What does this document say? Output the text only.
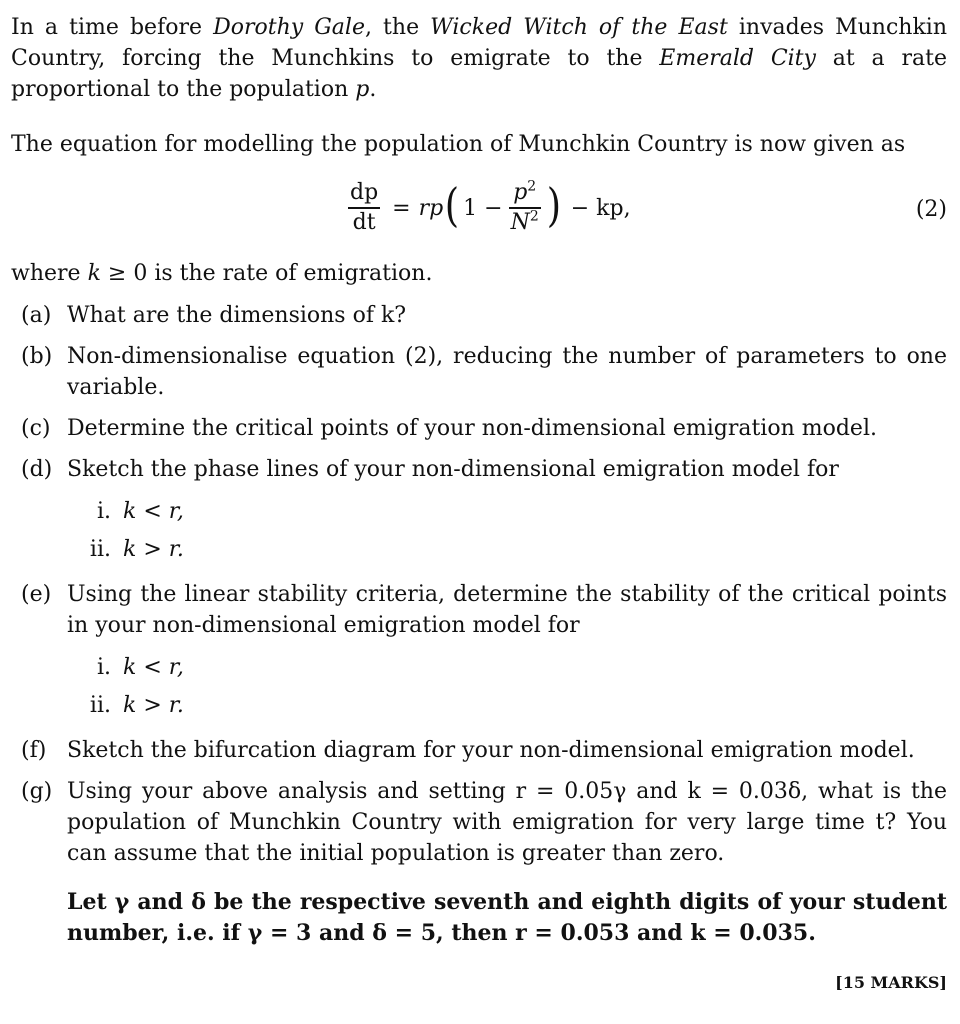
In a time before Dorothy Gale, the Wicked Witch of the East invades Munchkin Country, forcing the Munchkins to emigrate to the Emerald City at a rate proportional to the population p.

The equation for modelling the population of Munchkin Country is now given as

$\frac{dp}{dt}$ = rp ( $1 - \frac{p^2}{N^2}$ ) − kp,	(2)

where k ≥ 0 is the rate of emigration.

(a) What are the dimensions of k?
(b) Non-dimensionalise equation (2), reducing the number of parameters to one variable.
(c) Determine the critical points of your non-dimensional emigration model.
(d) Sketch the phase lines of your non-dimensional emigration model for
i. k < r,
ii. k > r.
(e) Using the linear stability criteria, determine the stability of the critical points in your non-dimensional emigration model for
i. k < r,
ii. k > r.
(f) Sketch the bifurcation diagram for your non-dimensional emigration model.
(g) Using your above analysis and setting r = 0.05γ and k = 0.03δ, what is the population of Munchkin Country with emigration for very large time t? You can assume that the initial population is greater than zero.
Let γ and δ be the respective seventh and eighth digits of your student number, i.e. if γ = 3 and δ = 5, then r = 0.053 and k = 0.035.
[15 MARKS]
